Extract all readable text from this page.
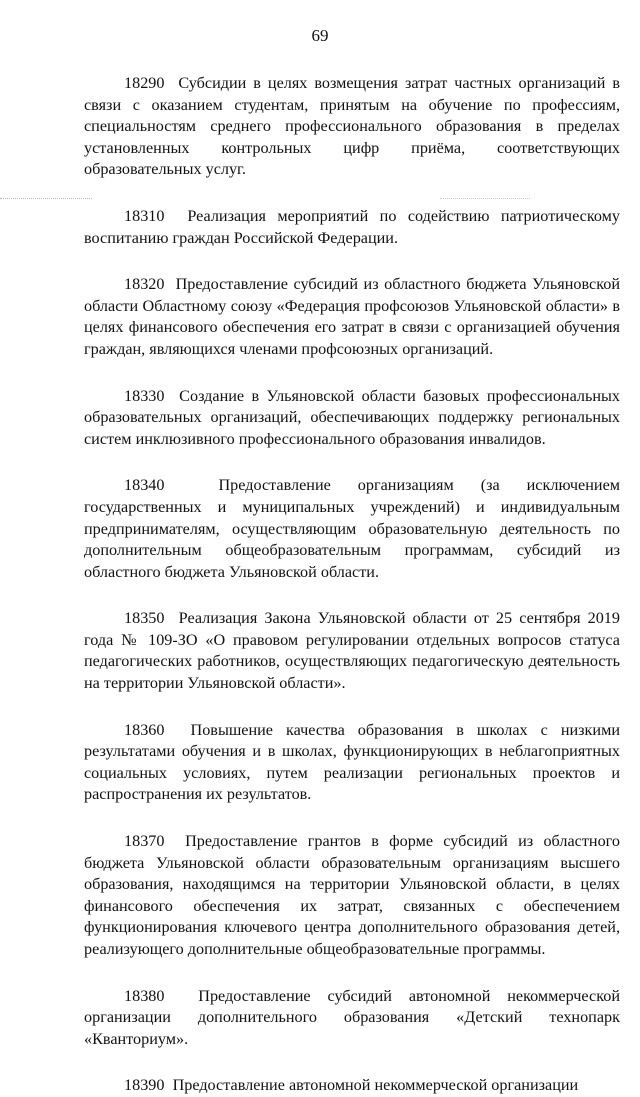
69

18290 Субсидии в целях возмещения затрат частных организаций в связи с оказанием студентам, принятым на обучение по профессиям, специальностям среднего профессионального образования в пределах установленных контрольных цифр приёма, соответствующих образовательных услуг.

18310 Реализация мероприятий по содействию патриотическому воспитанию граждан Российской Федерации.

18320 Предоставление субсидий из областного бюджета Ульяновской области Областному союзу «Федерация профсоюзов Ульяновской области» в целях финансового обеспечения его затрат в связи с организацией обучения граждан, являющихся членами профсоюзных организаций.

18330 Создание в Ульяновской области базовых профессиональных образовательных организаций, обеспечивающих поддержку региональных систем инклюзивного профессионального образования инвалидов.

18340	Предоставление организациям (за исключением государственных и муниципальных учреждений) и индивидуальным предпринимателям, осуществляющим образовательную деятельность по дополнительным общеобразовательным программам, субсидий из областного бюджета Ульяновской области.

18350 Реализация Закона Ульяновской области от 25 сентября 2019 года № 109-ЗО «О правовом регулировании отдельных вопросов статуса педагогических работников, осуществляющих педагогическую деятельность на территории Ульяновской области».

18360 Повышение качества образования в школах с низкими результатами обучения и в школах, функционирующих в неблагоприятных социальных условиях, путем реализации региональных проектов и распространения их результатов.

18370 Предоставление грантов в форме субсидий из областного бюджета Ульяновской области образовательным организациям высшего образования, находящимся на территории Ульяновской области, в целях финансового обеспечения их затрат, связанных с обеспечением функционирования ключевого центра дополнительного образования детей, реализующего дополнительные общеобразовательные программы.

18380 Предоставление субсидий автономной некоммерческой организации дополнительного образования «Детский технопарк «Кванториум».

18390 Предоставление автономной некоммерческой организации
